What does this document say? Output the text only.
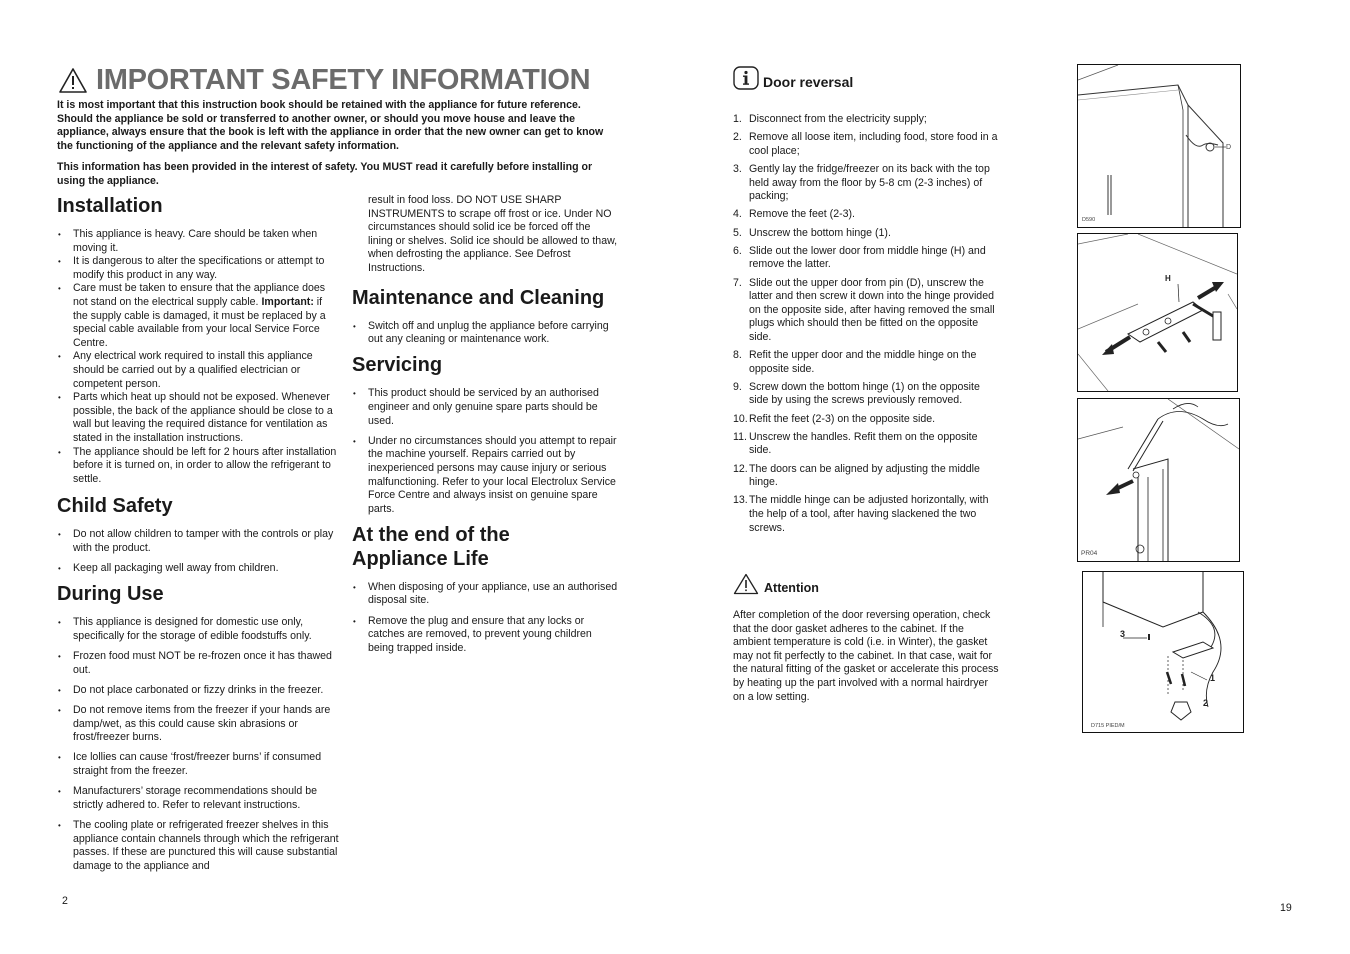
IMPORTANT SAFETY INFORMATION
It is most important that this instruction book should be retained with the appliance for future reference. Should the appliance be sold or transferred to another owner, or should you move house and leave the appliance, always ensure that the book is left with the appliance in order that the new owner can get to know the functioning of the appliance and the relevant safety information.
This information has been provided in the interest of safety. You MUST read it carefully before installing or using the appliance.
Installation
• This appliance is heavy. Care should be taken when moving it.
• It is dangerous to alter the specifications or attempt to modify this product in any way.
• Care must be taken to ensure that the appliance does not stand on the electrical supply cable. Important: if the supply cable is damaged, it must be replaced by a special cable available from your local Service Force Centre.
• Any electrical work required to install this appliance should be carried out by a qualified electrician or competent person.
• Parts which heat up should not be exposed. Whenever possible, the back of the appliance should be close to a wall but leaving the required distance for ventilation as stated in the installation instructions.
• The appliance should be left for 2 hours after installation before it is turned on, in order to allow the refrigerant to settle.
Child Safety
• Do not allow children to tamper with the controls or play with the product.
• Keep all packaging well away from children.
During Use
• This appliance is designed for domestic use only, specifically for the storage of edible foodstuffs only.
• Frozen food must NOT be re-frozen once it has thawed out.
• Do not place carbonated or fizzy drinks in the freezer.
• Do not remove items from the freezer if your hands are damp/wet, as this could cause skin abrasions or frost/freezer burns.
• Ice lollies can cause ‘frost/freezer burns’ if consumed straight from the freezer.
• Manufacturers’ storage recommendations should be strictly adhered to. Refer to relevant instructions.
• The cooling plate or refrigerated freezer shelves in this appliance contain channels through which the refrigerant passes. If these are punctured this will cause substantial damage to the appliance and
result in food loss. DO NOT USE SHARP INSTRUMENTS to scrape off frost or ice. Under NO circumstances should solid ice be forced off the lining or shelves. Solid ice should be allowed to thaw, when defrosting the appliance. See Defrost Instructions.
Maintenance and Cleaning
• Switch off and unplug the appliance before carrying out any cleaning or maintenance work.
Servicing
• This product should be serviced by an authorised engineer and only genuine spare parts should be used.
• Under no circumstances should you attempt to repair the machine yourself. Repairs carried out by inexperienced persons may cause injury or serious malfunctioning. Refer to your local Electrolux Service Force Centre and always insist on genuine spare parts.
At the end of the
Appliance Life
• When disposing of your appliance, use an authorised disposal site.
• Remove the plug and ensure that any locks or catches are removed, to prevent young children being trapped inside.
2
Door reversal
1. Disconnect from the electricity supply;
2. Remove all loose item, including food, store food in a cool place;
3. Gently lay the fridge/freezer on its back with the top held away from the floor by 5-8 cm (2-3 inches) of packing;
4. Remove the feet (2-3).
5. Unscrew the bottom hinge (1).
6. Slide out the lower door from middle hinge (H) and remove the latter.
7. Slide out the upper door from pin (D), unscrew the latter and then screw it down into the hinge provided on the opposite side, after having removed the small plugs which should then be fitted on the opposite side.
8. Refit the upper door and the middle hinge on the opposite side.
9. Screw down the bottom hinge (1) on the opposite side by using the screws previously removed.
10. Refit the feet (2-3) on the opposite side.
11. Unscrew the handles. Refit them on the opposite side.
12. The doors can be aligned by adjusting the middle hinge.
13. The middle hinge can be adjusted horizontally, with the help of a tool, after having slackened the two screws.
Attention
After completion of the door reversing operation, check that the door gasket adheres to the cabinet. If the ambient temperature is cold (i.e. in Winter), the gasket may not fit perfectly to the cabinet. In that case, wait for the natural fitting of the gasket or accelerate this process by heating up the part involved with a normal hairdryer on a low setting.
D
D590
H
PR04
3
1
2
D715 PIED/M
19
